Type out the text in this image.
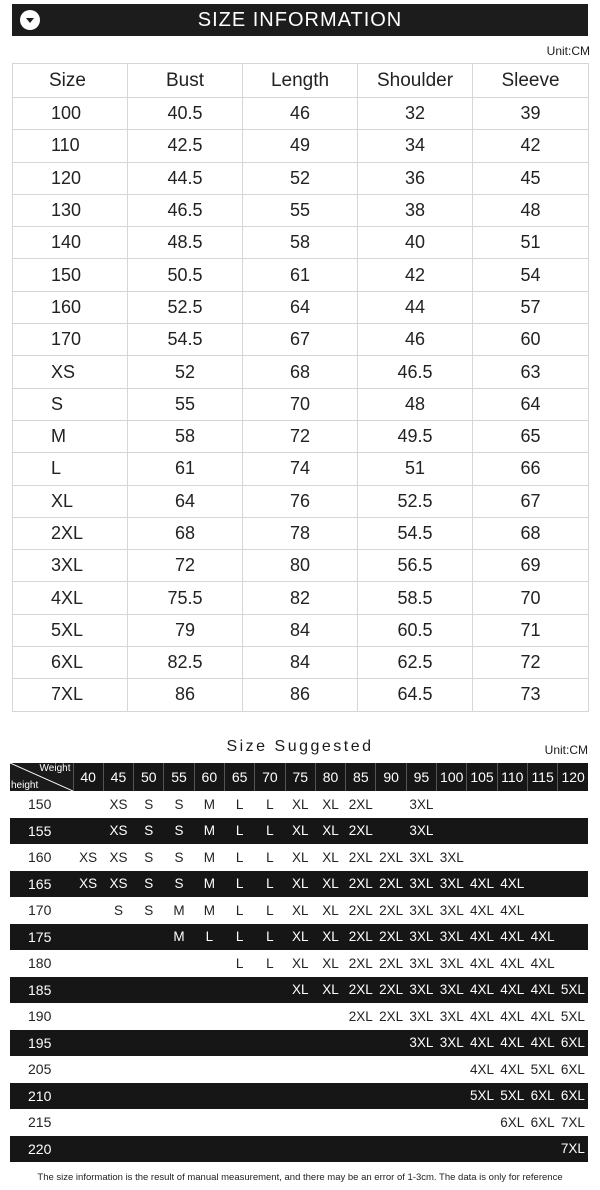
SIZE INFORMATION
Unit:CM
Size	Bust	Length	Shoulder	Sleeve
100	40.5	46	32	39
110	42.5	49	34	42
120	44.5	52	36	45
130	46.5	55	38	48
140	48.5	58	40	51
150	50.5	61	42	54
160	52.5	64	44	57
170	54.5	67	46	60
XS	52	68	46.5	63
S	55	70	48	64
M	58	72	49.5	65
L	61	74	51	66
XL	64	76	52.5	67
2XL	68	78	54.5	68
3XL	72	80	56.5	69
4XL	75.5	82	58.5	70
5XL	79	84	60.5	71
6XL	82.5	84	62.5	72
7XL	86	86	64.5	73
Size Suggested	Unit:CM
Weight
height	40	45	50	55	60	65	70	75	80	85	90	95	100	105	110	115	120
150		XS	S	S	M	L	L	XL	XL	2XL		3XL					
155		XS	S	S	M	L	L	XL	XL	2XL		3XL					
160	XS	XS	S	S	M	L	L	XL	XL	2XL	2XL	3XL	3XL				
165	XS	XS	S	S	M	L	L	XL	XL	2XL	2XL	3XL	3XL	4XL	4XL		
170		S	S	M	M	L	L	XL	XL	2XL	2XL	3XL	3XL	4XL	4XL		
175				M	L	L	L	XL	XL	2XL	2XL	3XL	3XL	4XL	4XL	4XL	
180						L	L	XL	XL	2XL	2XL	3XL	3XL	4XL	4XL	4XL	
185								XL	XL	2XL	2XL	3XL	3XL	4XL	4XL	4XL	5XL
190										2XL	2XL	3XL	3XL	4XL	4XL	4XL	5XL
195												3XL	3XL	4XL	4XL	4XL	6XL
205														4XL	4XL	5XL	6XL
210														5XL	5XL	6XL	6XL
215															6XL	6XL	7XL
220																	7XL
The size information is the result of manual measurement, and there may be an error of 1-3cm. The data is only for reference
